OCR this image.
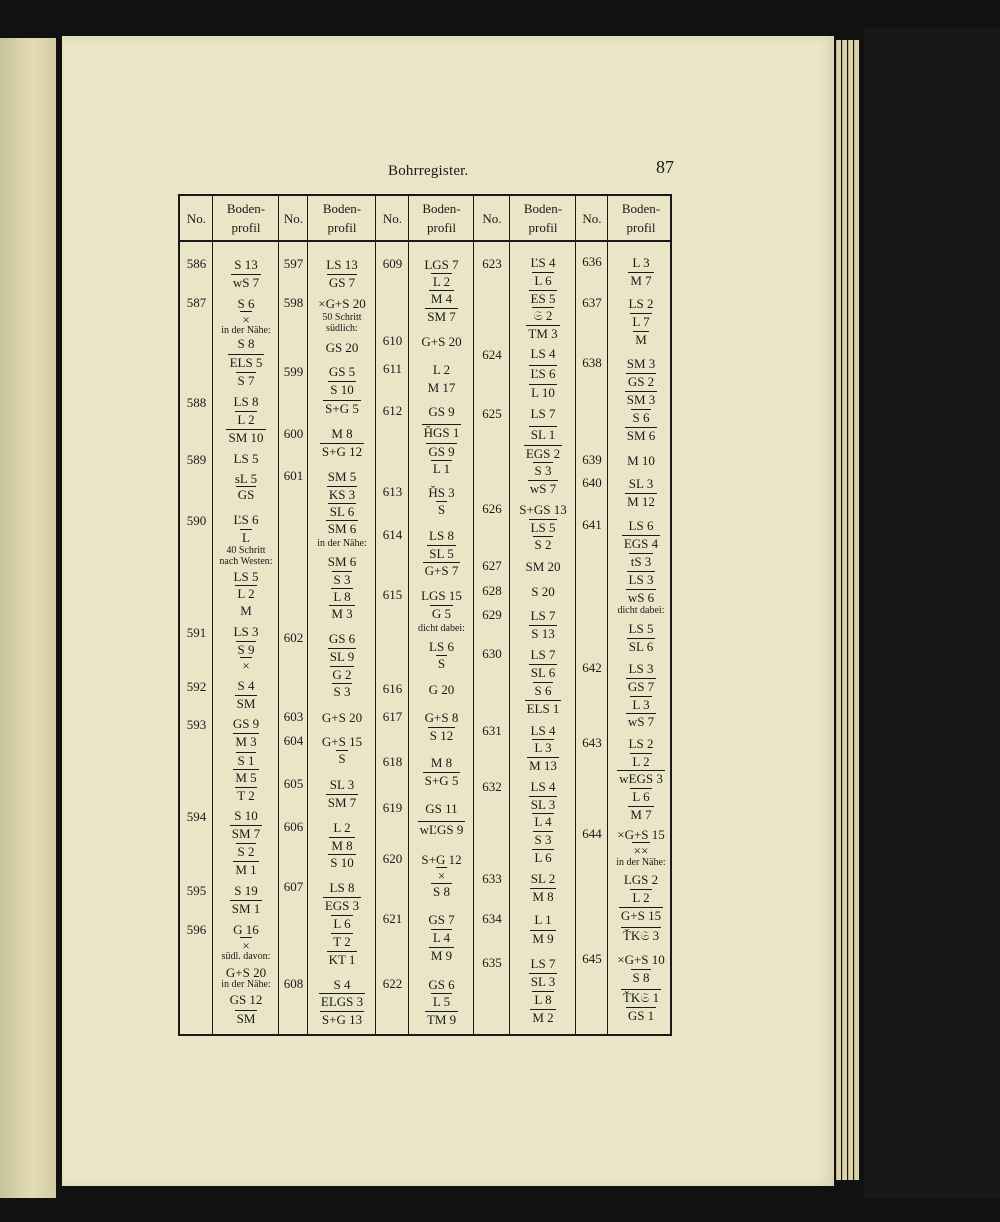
Bohrregister.	87
No.
Boden-
profil
No.
Boden-
profil
No.
Boden-
profil
No.
Boden-
profil
No.
Boden-
profil
586
587
588
589
590
591
592
593
594
595
596
S 13
wS 7
S 6
×
in der Nähe:
S 8
ELS 5
S 7
LS 8
L 2
SM 10
LS 5
sL 5
GS
ĽS 6
L
40 Schritt
nach Westen:
LS 5
L 2
M
LS 3
S 9
×
S 4
SM
GS 9
M 3
S 1
M 5
T 2
S 10
SM 7
S 2
M 1
S 19
SM 1
G 16
×
südl. davon:
G+S 20
in der Nähe:
GS 12
SM
597
598
599
600
601
602
603
604
605
606
607
608
LS 13
GS 7
×G+S 20
50 Schritt
südlich:
GS 20
GS 5
S 10
S+G 5
M 8
S+G 12
SM 5
KS 3
SL 6
SM 6
in der Nähe:
SM 6
S 3
L 8
M 3
GS 6
SL 9
G 2
S 3
G+S 20
G+S 15
S
SL 3
SM 7
L 2
M 8
S 10
LS 8
EGS 3
L 6
T 2
KT 1
S 4
ELGS 3
S+G 13
609
610
611
612
613
614
615
616
617
618
619
620
621
622
LGS 7
L 2
M 4
SM 7
G+S 20
L 2
M 17
GS 9
ȞGS 1
GS 9
L 1
ȞS 3
S
LS 8
SL 5
G+S 7
LGS 15
G 5
dicht dabei:
LS 6
S
G 20
G+S 8
S 12
M 8
S+G 5
GS 11
wĽGS 9
S+G 12
×
S 8
GS 7
L 4
M 9
GS 6
L 5
TM 9
623
624
625
626
627
628
629
630
631
632
633
634
635
ĽS 4
L 6
ES 5
𝔖 2
TM 3
LS 4
ĽS 6
L 10
LS 7
SL 1
EGS 2
S 3
wS 7
S+GS 13
LS 5
S 2
SM 20
S 20
LS 7
S 13
LS 7
SL 6
S 6
ELS 1
LS 4
L 3
M 13
LS 4
SL 3
L 4
S 3
L 6
SL 2
M 8
L 1
M 9
LS 7
SL 3
L 8
M 2
636
637
638
639
640
641
642
643
644
645
L 3
M 7
LS 2
L 7
M
SM 3
GS 2
SM 3
S 6
SM 6
M 10
SL 3
M 12
LS 6
EGS 4
tS 3
LS 3
wS 6
dicht dabei:
LS 5
SL 6
LS 3
GS 7
L 3
wS 7
LS 2
L 2
wEGS 3
L 6
M 7
×G+S 15
××
in der Nähe:
LGS 2
L 2
G+S 15
ŤK𝔖 3
×G+S 10
S 8
ŤK𝔖 1
GS 1
